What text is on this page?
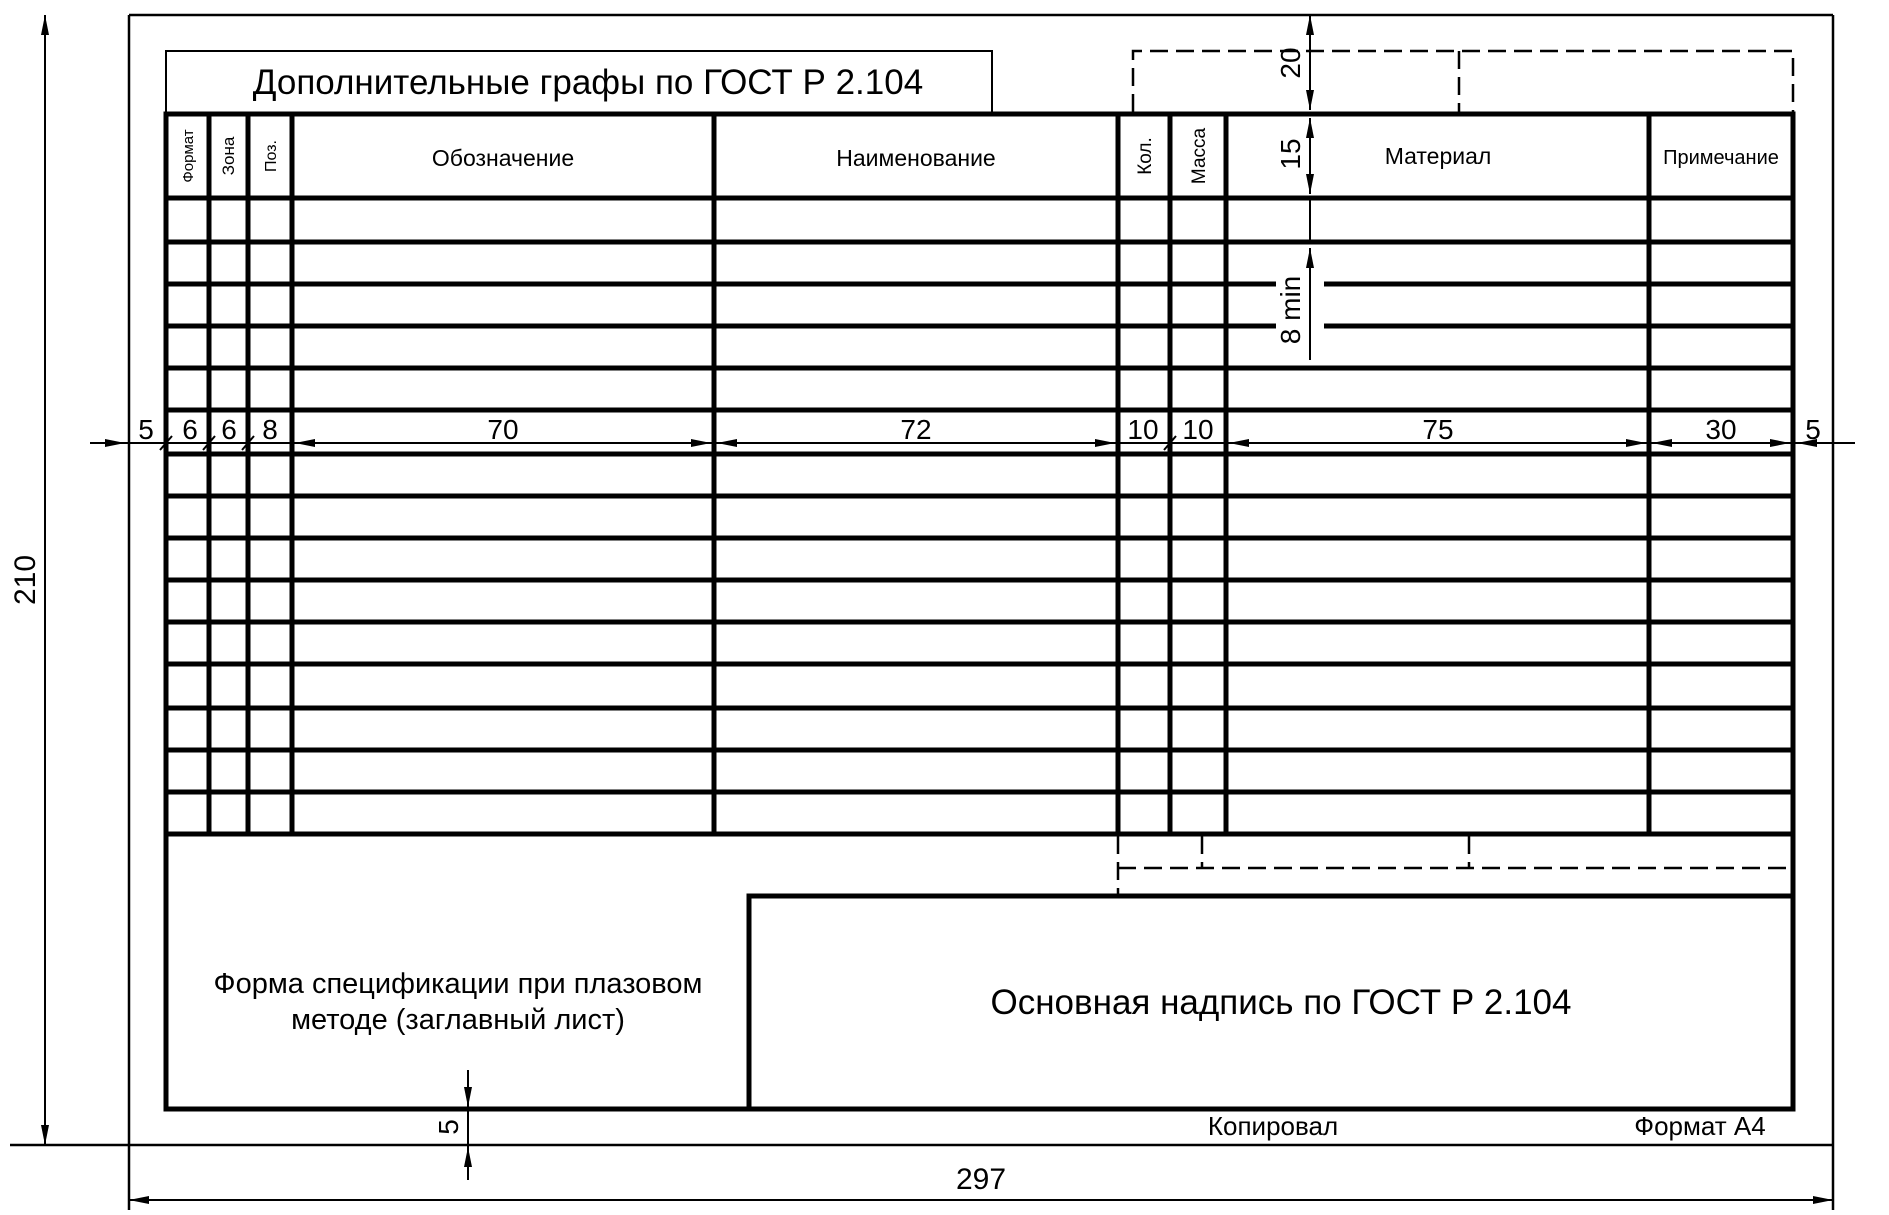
Формат Зона Поз.	Обозначение	Наименование	Кол. Масса	Материал	Примечание
Дополнительные графы по ГОСТ Р 2.104
5 6 6 8	70	72	10 10	75	30 5
20
15
8 min
Форма спецификации при плазовом
методе (заглавный лист)	Основная надпись по ГОСТ Р 2.104
5	Копировал	Формат А4
210
297
